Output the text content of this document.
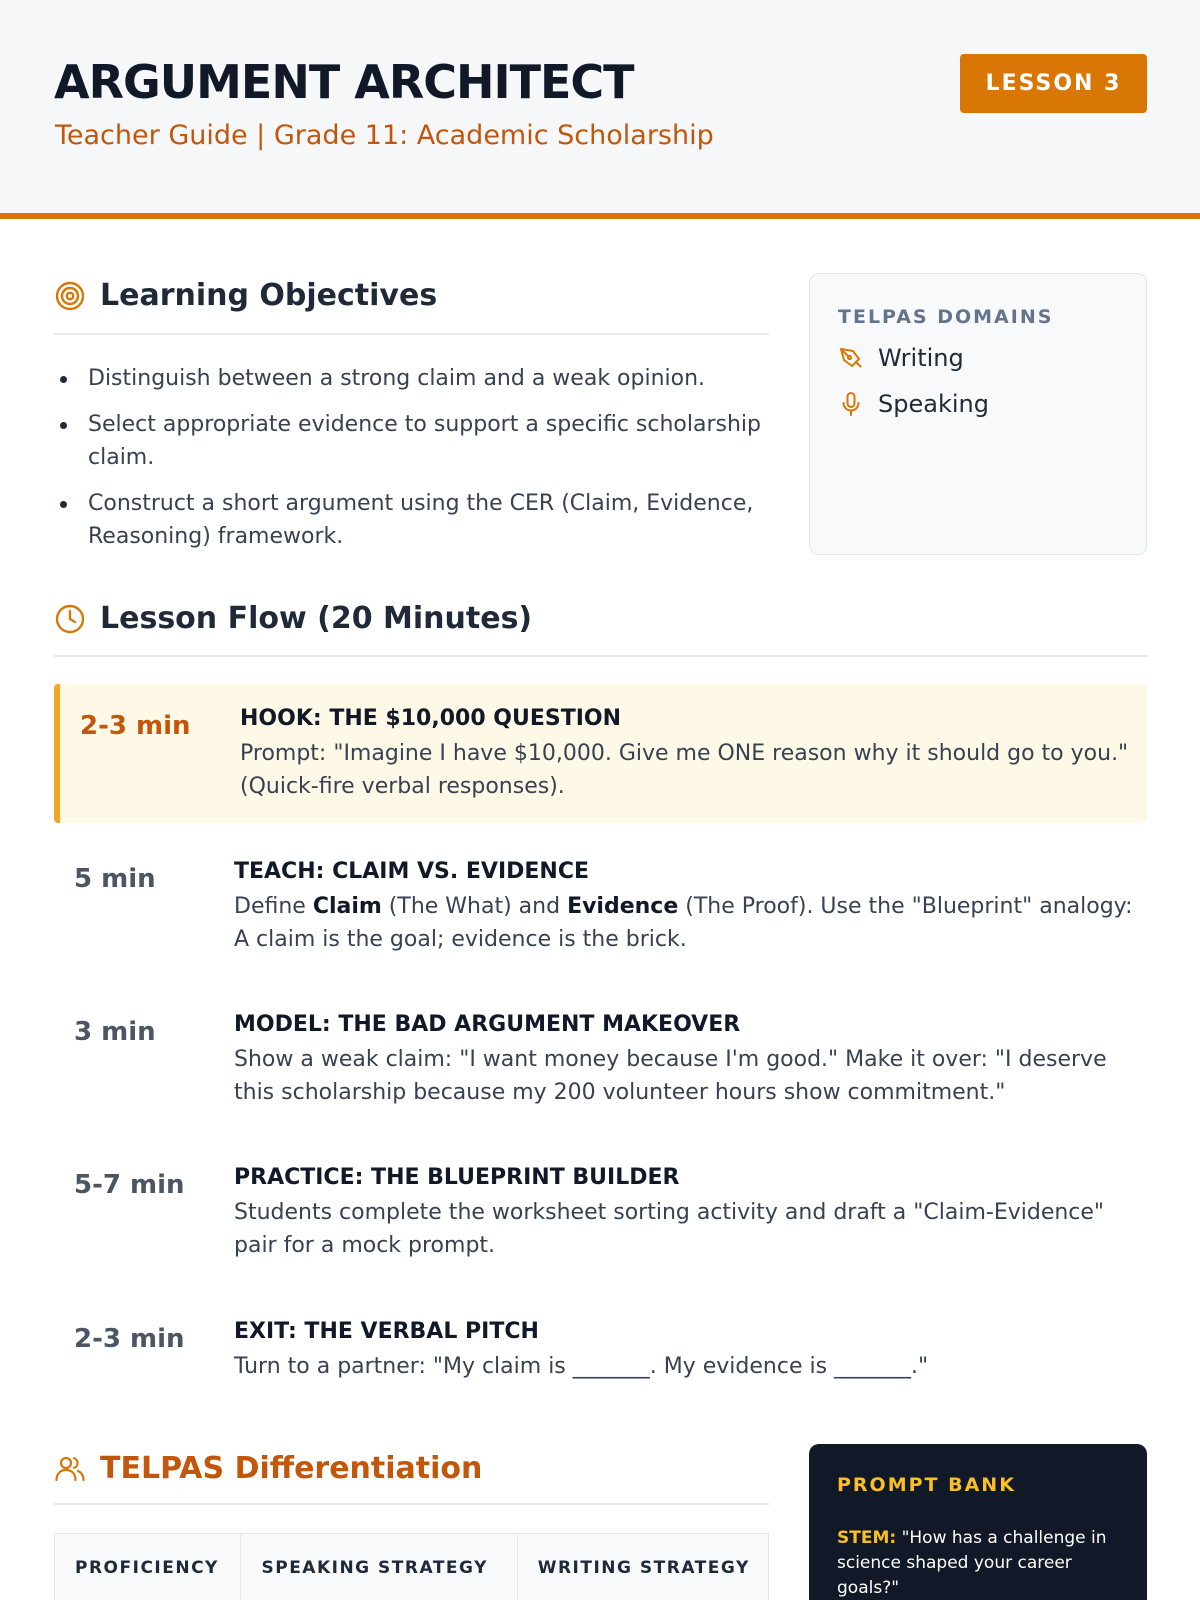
ARGUMENT ARCHITECT
Teacher Guide | Grade 11: Academic Scholarship
LESSON 3
Learning Objectives
Distinguish between a strong claim and a weak opinion.
Select appropriate evidence to support a specific scholarship claim.
Construct a short argument using the CER (Claim, Evidence, Reasoning) framework.
TELPAS DOMAINS
Writing
Speaking
Lesson Flow (20 Minutes)
2-3 min HOOK: THE $10,000 QUESTION
Prompt: "Imagine I have $10,000. Give me ONE reason why it should go to you." (Quick-fire verbal responses).
5 min	TEACH: CLAIM VS. EVIDENCE
Define Claim (The What) and Evidence (The Proof). Use the "Blueprint" analogy: A claim is the goal; evidence is the brick.
3 min	MODEL: THE BAD ARGUMENT MAKEOVER
Show a weak claim: "I want money because I'm good." Make it over: "I deserve this scholarship because my 200 volunteer hours show commitment."
5-7 min PRACTICE: THE BLUEPRINT BUILDER
Students complete the worksheet sorting activity and draft a "Claim-Evidence" pair for a mock prompt.
2-3 min EXIT: THE VERBAL PITCH
Turn to a partner: "My claim is _______. My evidence is _______."
TELPAS Differentiation
PROFICIENCY	SPEAKING STRATEGY	WRITING STRATEGY
PROMPT BANK
STEM: "How has a challenge in science shaped your career goals?"
